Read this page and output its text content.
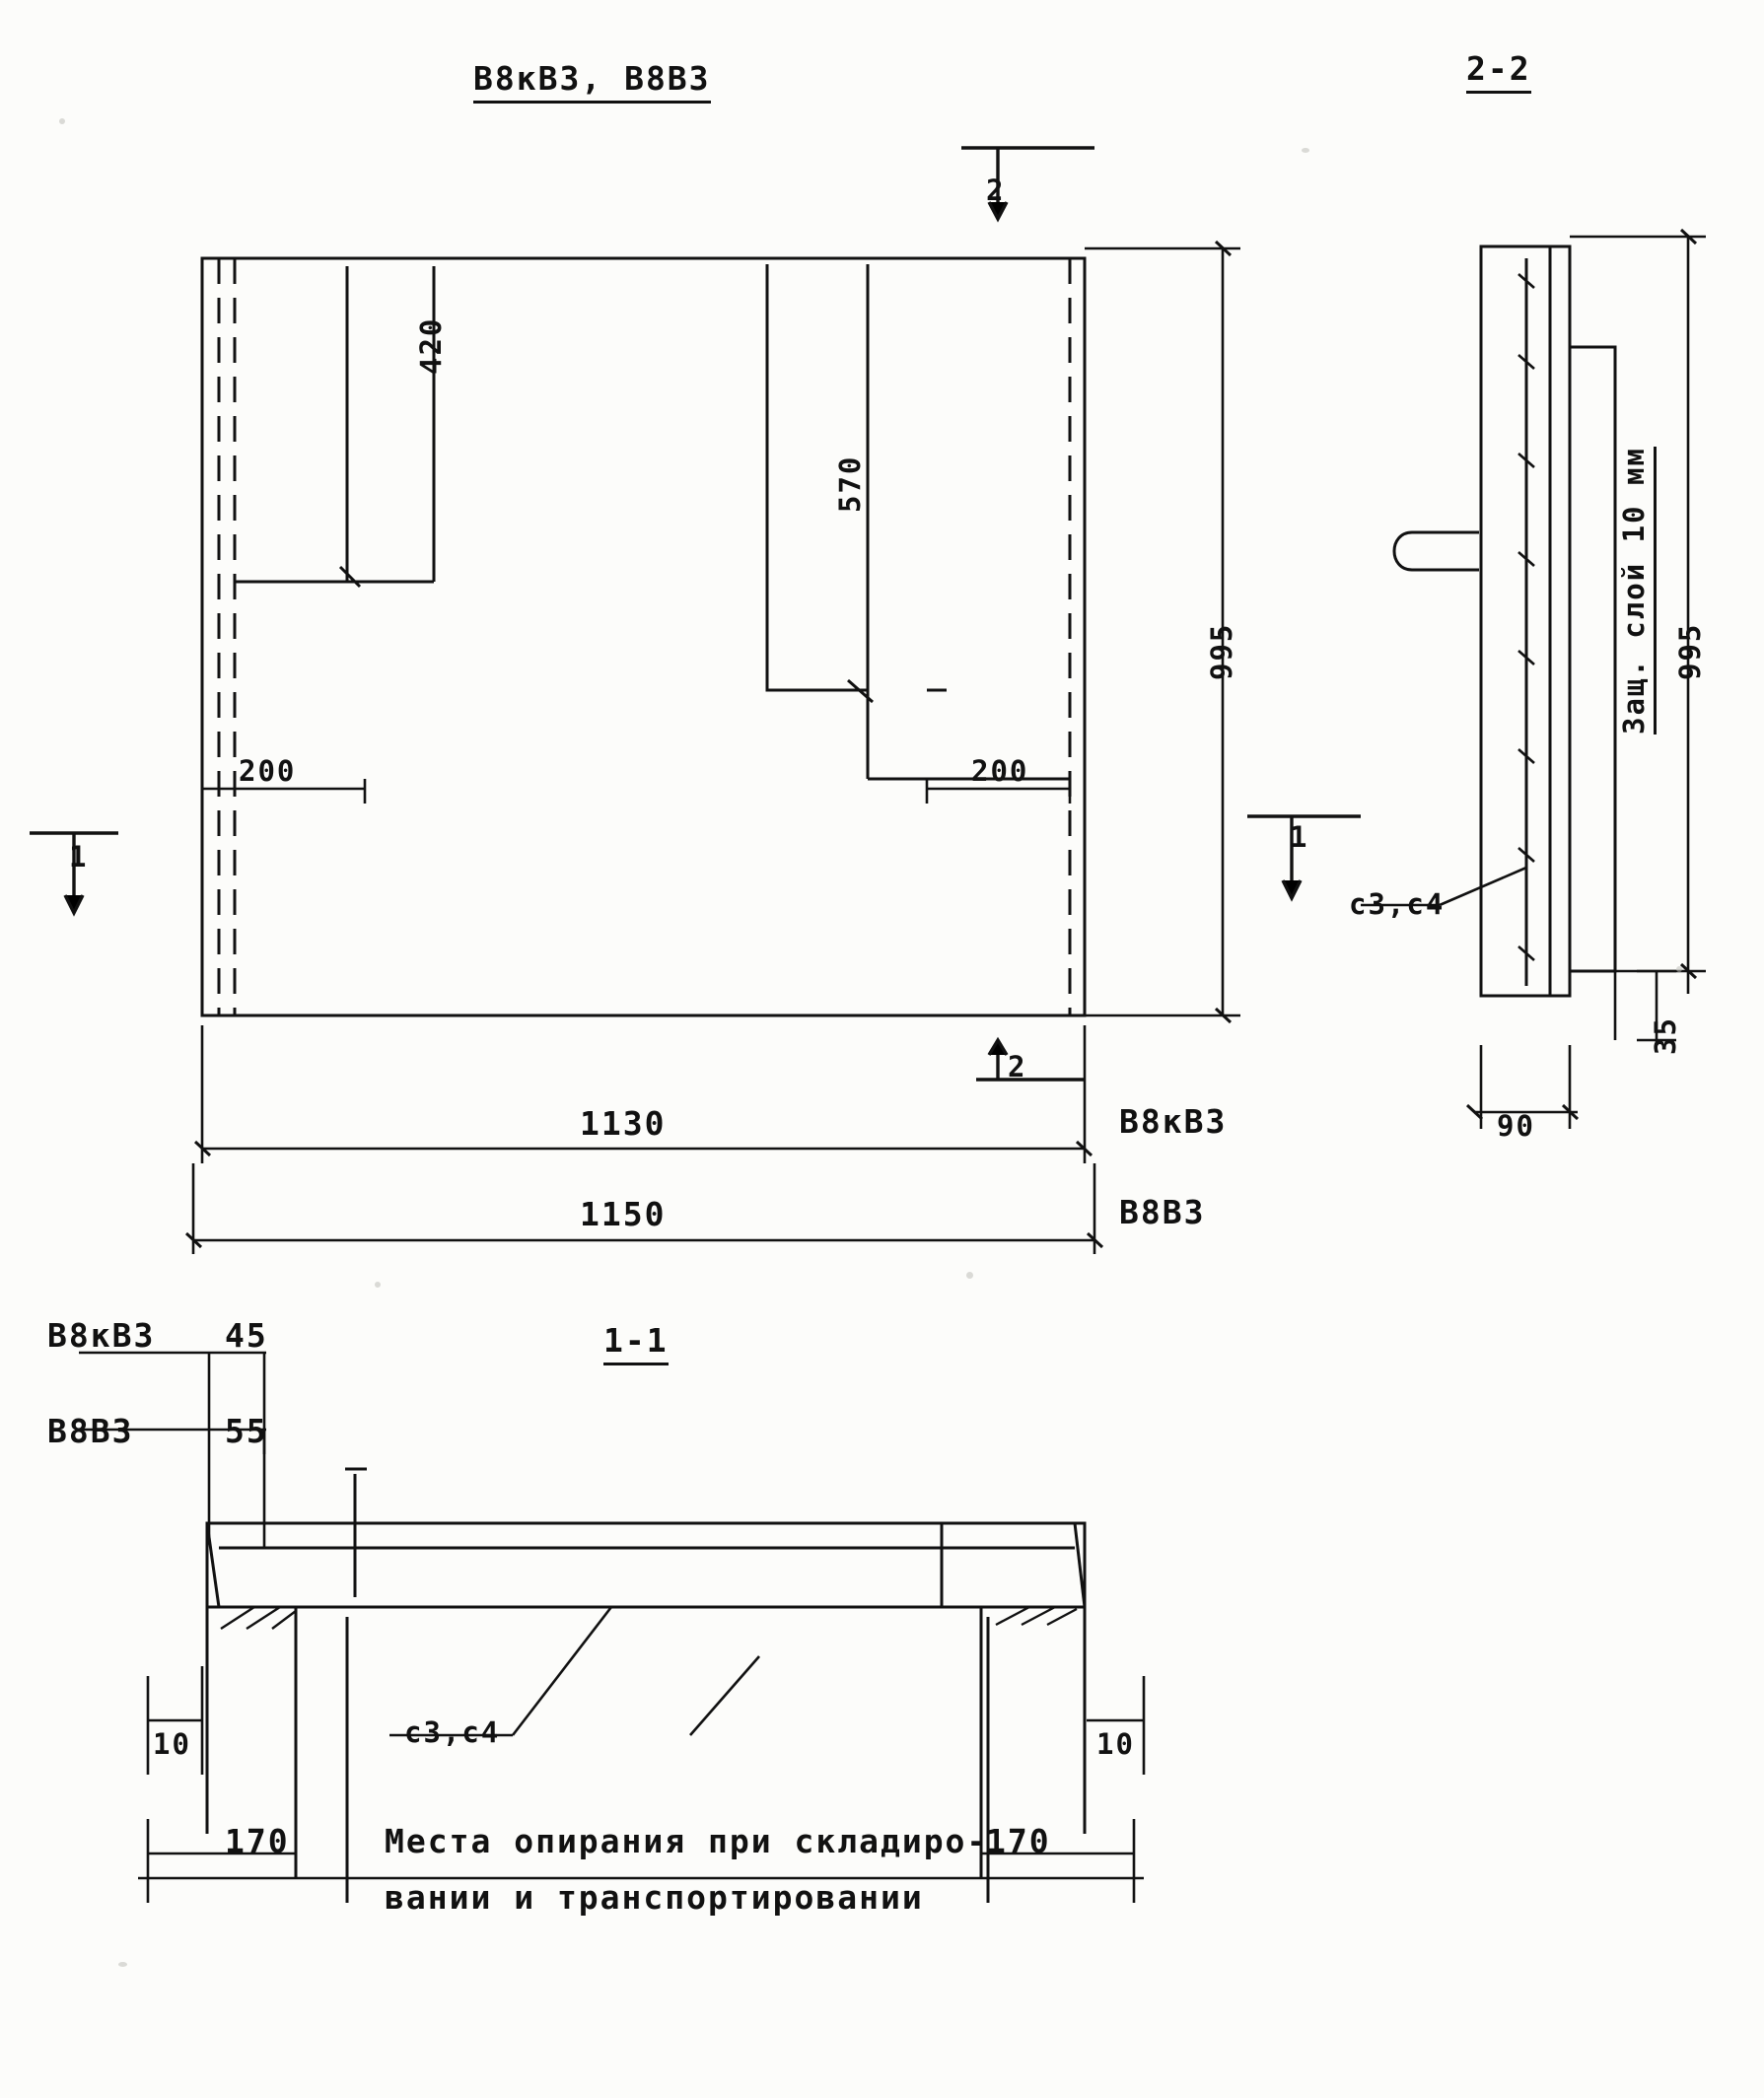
В8кВ3, В8В3	2-2
1-1
420
570
200	200
995
1130
1150
В8кВ3
В8В3
2
2
1
1
995
35
90
Защ. слой 10 мм
с3,с4
В8кВ3 45
В8В3	55
10	10
170	170
с3,с4
Места опирания при складиро-
вании и транспортировании
